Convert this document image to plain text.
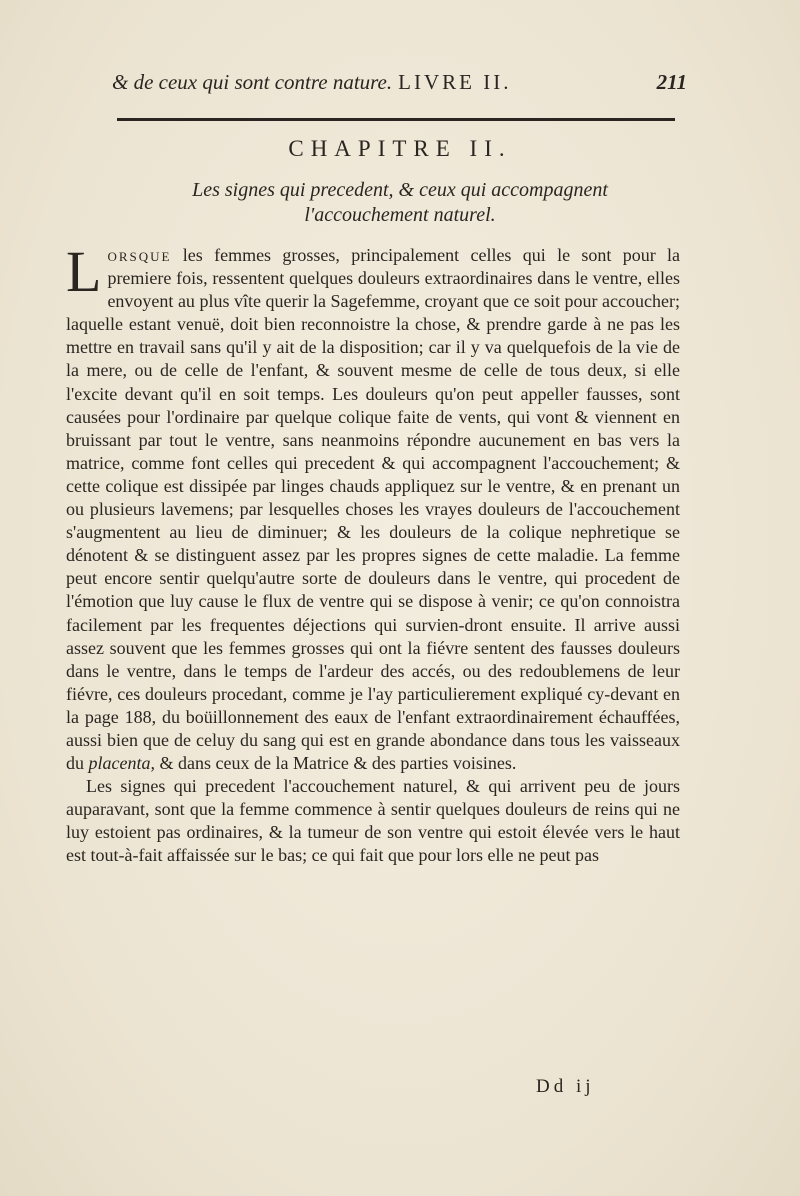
& de ceux qui sont contre nature. LIVRE II.	211
CHAPITRE II.
Les signes qui precedent, & ceux qui accompagnent
l'accouchement naturel.

Lorsque les femmes grosses, principalement celles qui le sont pour la premiere fois, ressentent quelques douleurs extraordinaires dans le ventre, elles envoyent au plus vîte querir la Sagefemme, croyant que ce soit pour accoucher; laquelle estant venuë, doit bien reconnoistre la chose, & prendre garde à ne pas les mettre en travail sans qu'il y ait de la disposition; car il y va quelquefois de la vie de la mere, ou de celle de l'enfant, & souvent mesme de celle de tous deux, si elle l'excite devant qu'il en soit temps. Les douleurs qu'on peut appeller fausses, sont causées pour l'ordinaire par quelque colique faite de vents, qui vont & viennent en bruissant par tout le ventre, sans neanmoins répondre aucunement en bas vers la matrice, comme font celles qui precedent & qui accompagnent l'accouchement; & cette colique est dissipée par linges chauds appliquez sur le ventre, & en prenant un ou plusieurs lavemens; par lesquelles choses les vrayes douleurs de l'accouchement s'augmentent au lieu de diminuer; & les douleurs de la colique nephretique se dénotent & se distinguent assez par les propres signes de cette maladie. La femme peut encore sentir quelqu'autre sorte de douleurs dans le ventre, qui procedent de l'émotion que luy cause le flux de ventre qui se dispose à venir; ce qu'on connoistra facilement par les frequentes déjections qui survien-dront ensuite. Il arrive aussi assez souvent que les femmes grosses qui ont la fiévre sentent des fausses douleurs dans le ventre, dans le temps de l'ardeur des accés, ou des redoublemens de leur fiévre, ces douleurs procedant, comme je l'ay particulierement expliqué cy-devant en la page 188, du boüillonnement des eaux de l'enfant extraordinairement échauffées, aussi bien que de celuy du sang qui est en grande abondance dans tous les vaisseaux du placenta, & dans ceux de la Matrice & des parties voisines.

Les signes qui precedent l'accouchement naturel, & qui arrivent peu de jours auparavant, sont que la femme commence à sentir quelques douleurs de reins qui ne luy estoient pas ordinaires, & la tumeur de son ventre qui estoit élevée vers le haut est tout-à-fait affaissée sur le bas; ce qui fait que pour lors elle ne peut pas

Dd ij
